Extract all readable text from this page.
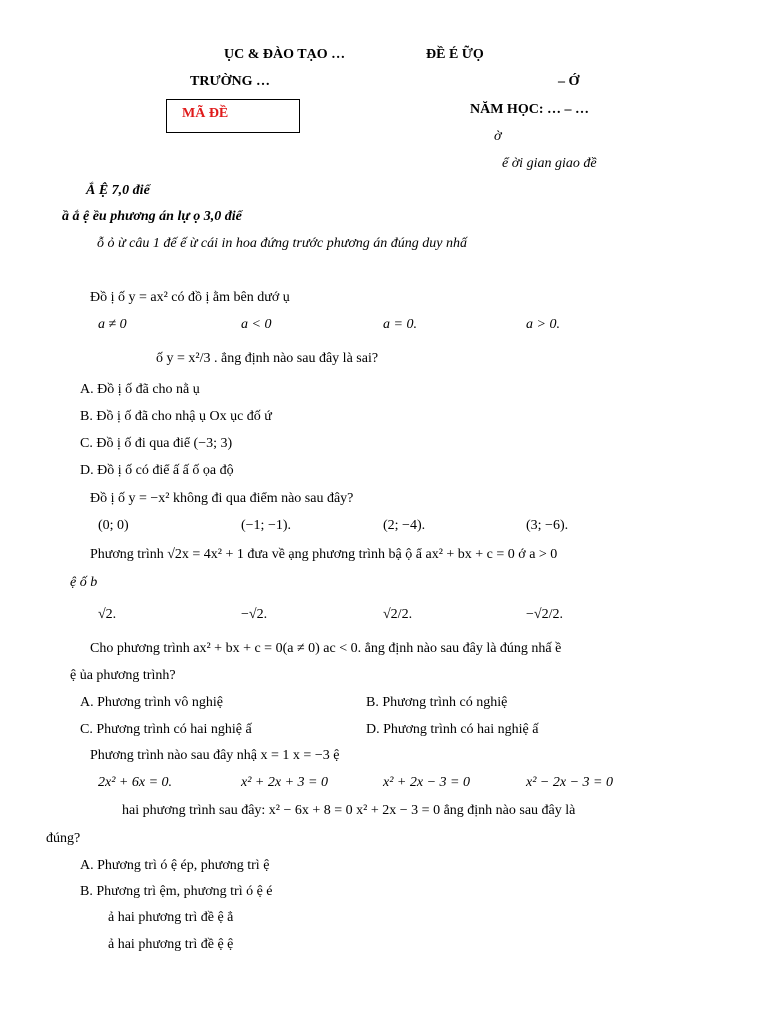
ỤC & ĐÀO TẠO …	ĐỀ É ỮỌ
TRƯỜNG …	– Ớ
MÃ ĐỀ	NĂM HỌC: … – …
ờ
ể ời gian giao đề
Ắ Ệ 7,0 điể
ầ ắ ệ ều phương án lự ọ 3,0 điể
ỗ ỏ ừ câu 1 đế ế ừ cái in hoa đứng trước phương án đúng duy nhấ
Đồ ị ố y = ax² có đồ ị ằm bên dướ ụ
a ≠ 0	a < 0	a = 0.	a > 0.
ố y = x²/3 . ẳng định nào sau đây là sai?
A. Đồ ị ố đã cho nằ ụ
B. Đồ ị ố đã cho nhậ ụ Ox ục đố ứ
C. Đồ ị ố đi qua điể (−3; 3)
D. Đồ ị ố có điể ấ ấ ố ọa độ
Đồ ị ố y = −x² không đi qua điểm nào sau đây?
(0; 0)	(−1; −1).	(2; −4).	(3; −6).
Phương trình √2x = 4x² + 1 đưa về ạng phương trình bậ ộ ẩ ax² + bx + c = 0 ớ a > 0
ệ ố b
√2.	−√2.	√2/2.	−√2/2.
Cho phương trình ax² + bx + c = 0(a ≠ 0) ac < 0. ẳng định nào sau đây là đúng nhấ ề
ệ ủa phương trình?
A. Phương trình vô nghiệ	B. Phương trình có nghiệ
C. Phương trình có hai nghiệ ấ	D. Phương trình có hai nghiệ ấ
Phương trình nào sau đây nhậ x = 1 x = −3 ệ
2x² + 6x = 0.	x² + 2x + 3 = 0	x² + 2x − 3 = 0	x² − 2x − 3 = 0
hai phương trình sau đây: x² − 6x + 8 = 0 x² + 2x − 3 = 0 ẳng định nào sau đây là
đúng?
A. Phương trì ó ệ ép, phương trì ệ
B. Phương trì ệm, phương trì ó ệ é
ả hai phương trì đề ệ ẳ
ả hai phương trì đề ệ ệ
